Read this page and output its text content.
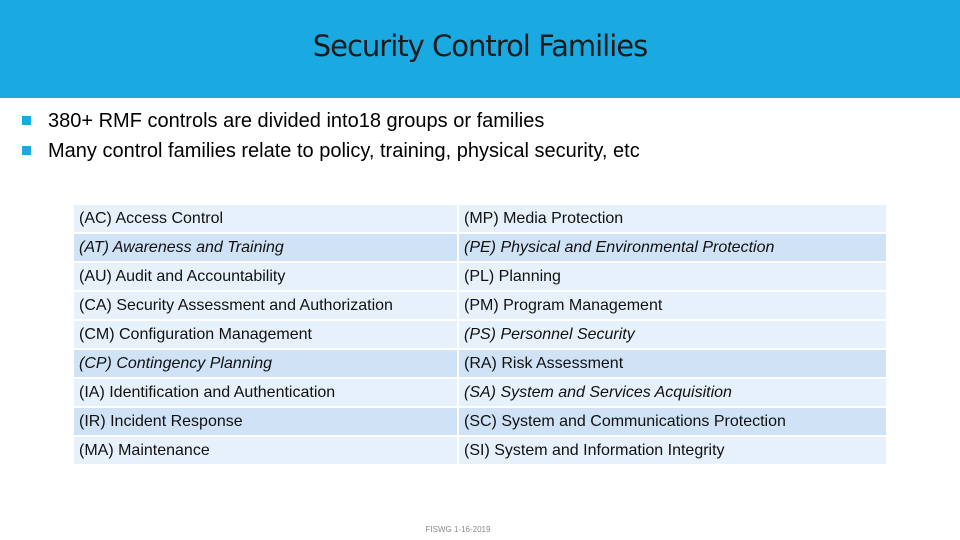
Security Control Families
380+ RMF controls are divided into18 groups or families
Many control families relate to policy, training, physical security, etc
(AC) Access Control	(MP) Media Protection
(AT) Awareness and Training	(PE) Physical and Environmental Protection
(AU) Audit and Accountability	(PL) Planning
(CA) Security Assessment and Authorization	(PM) Program Management
(CM) Configuration Management	(PS) Personnel Security
(CP) Contingency Planning	(RA) Risk Assessment
(IA) Identification and Authentication	(SA) System and Services Acquisition
(IR) Incident Response	(SC) System and Communications Protection
(MA) Maintenance	(SI) System and Information Integrity
FISWG 1-16-2019
